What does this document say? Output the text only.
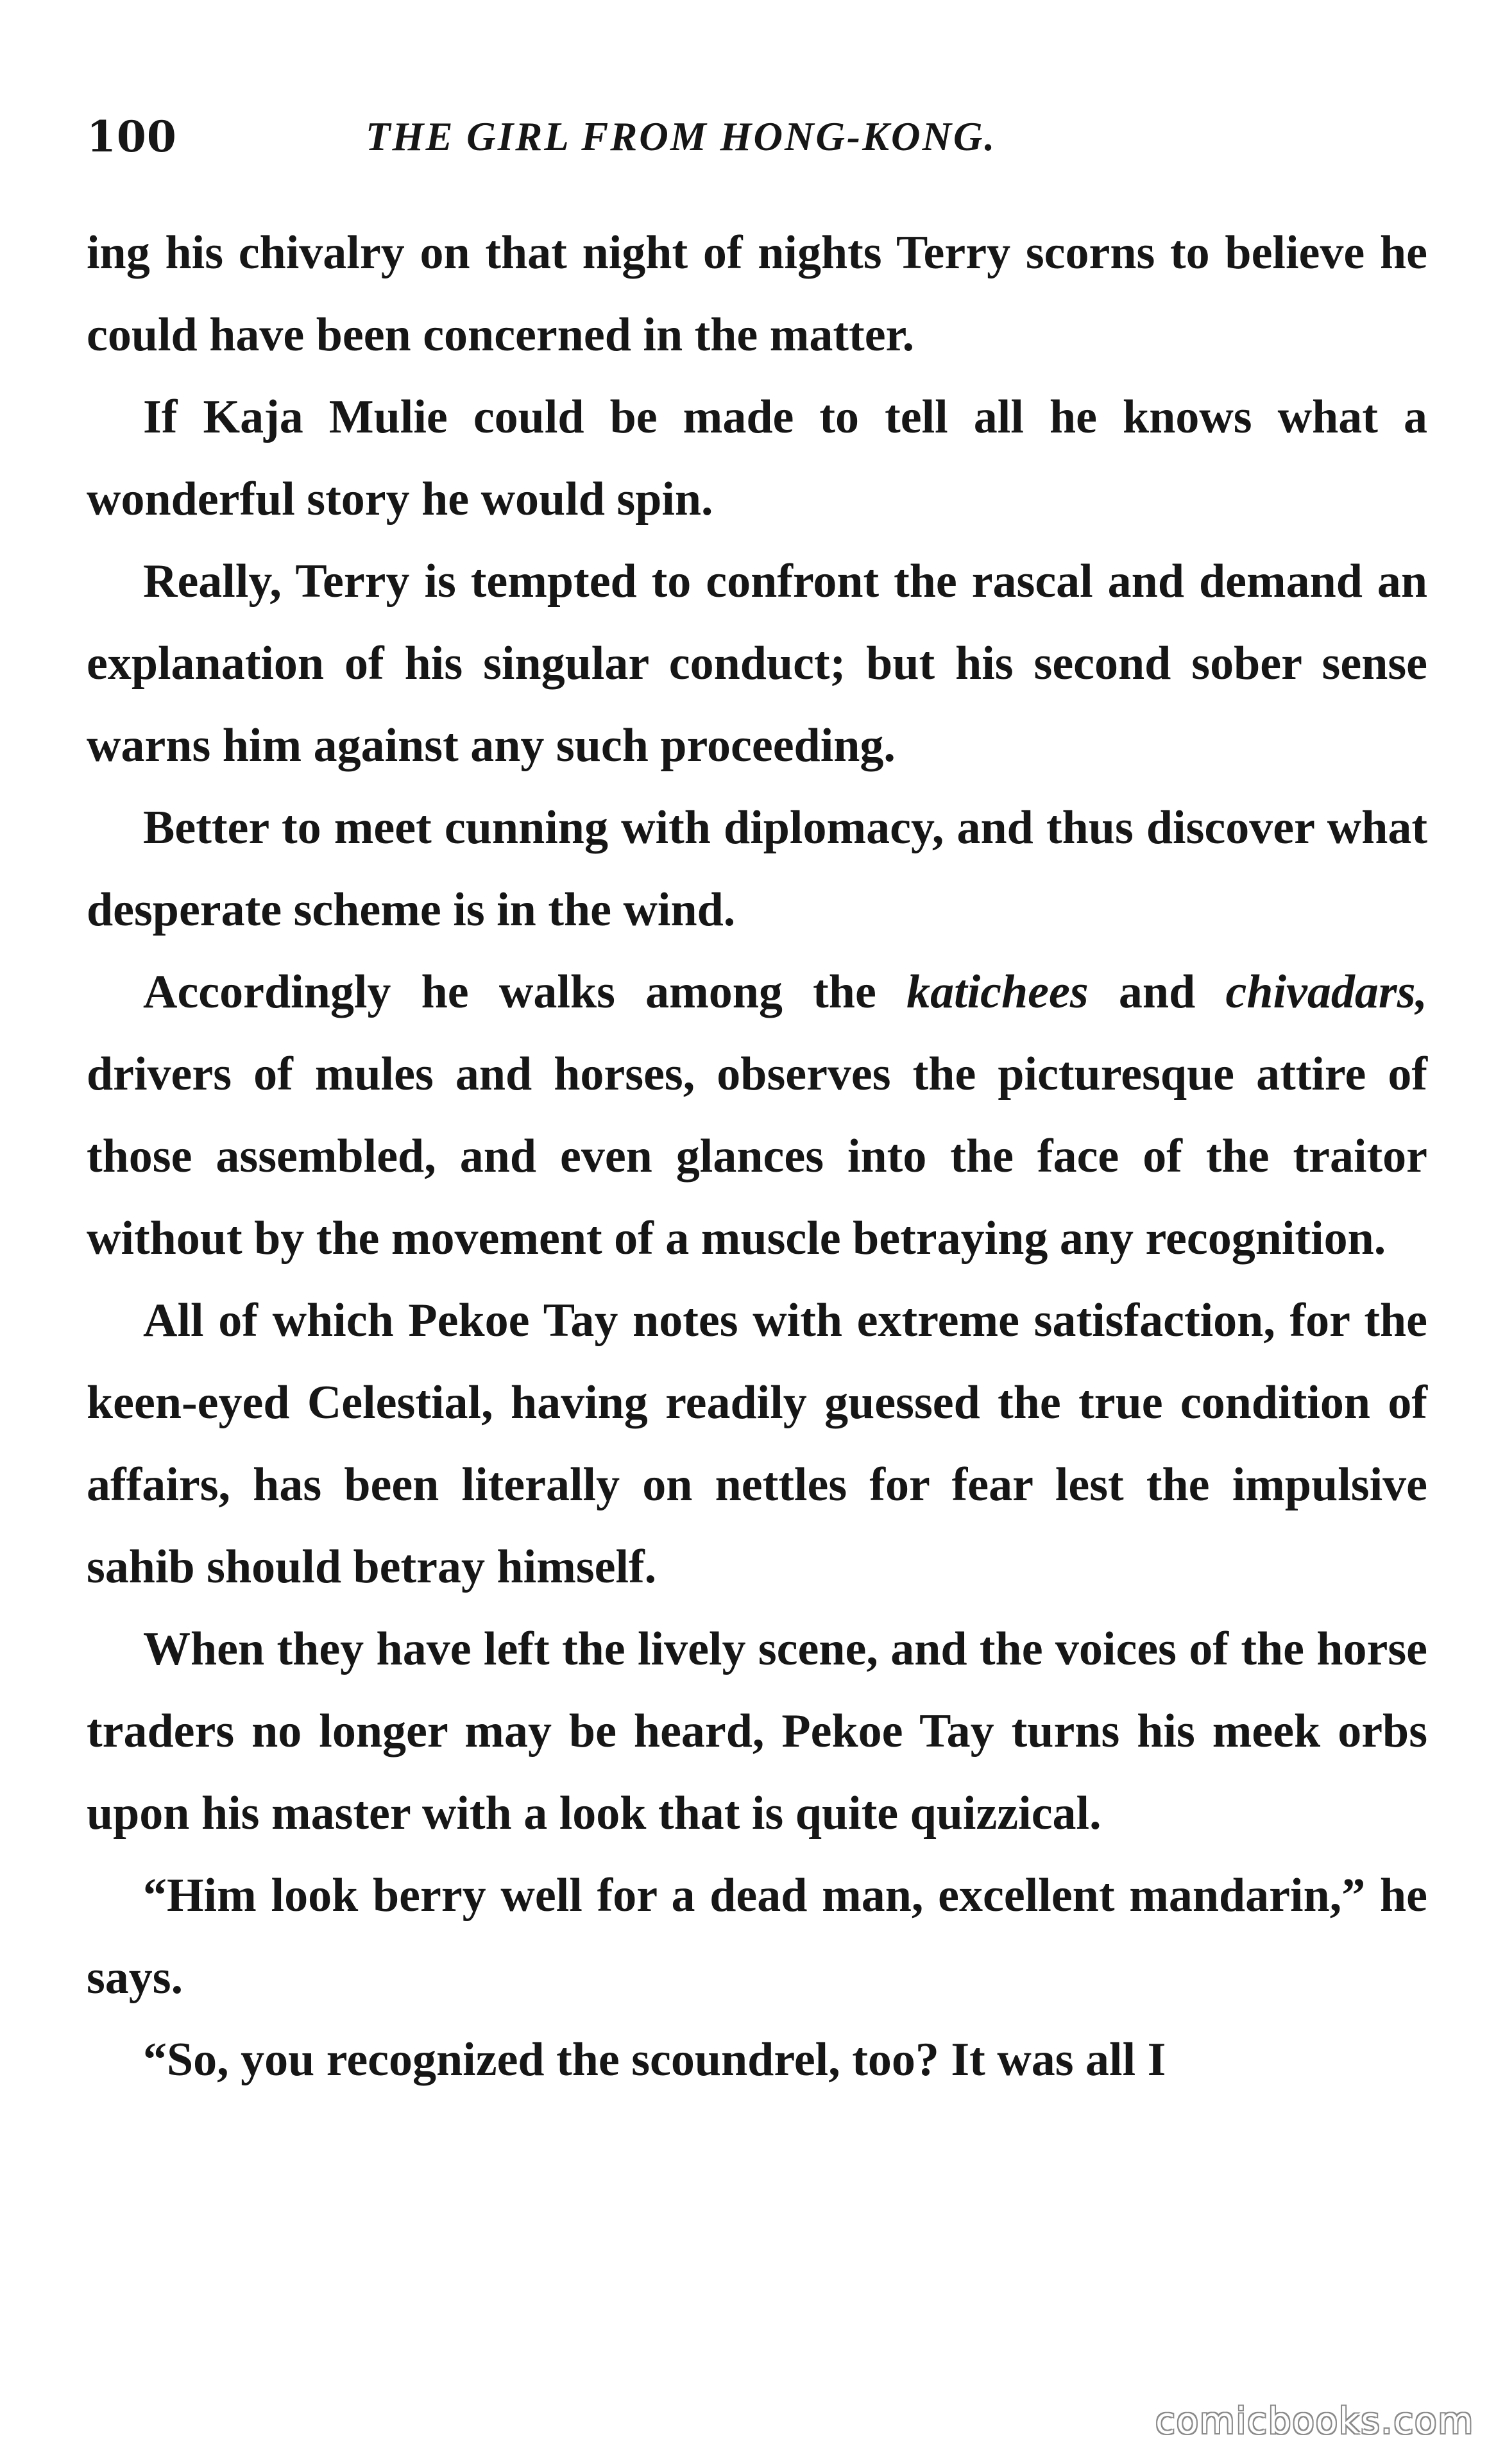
100	THE GIRL FROM HONG-KONG.

ing his chivalry on that night of nights Terry scorns to believe he could have been concerned in the matter.

If Kaja Mulie could be made to tell all he knows what a wonderful story he would spin.

Really, Terry is tempted to confront the rascal and demand an explanation of his singular conduct; but his second sober sense warns him against any such proceeding.

Better to meet cunning with diplomacy, and thus discover what desperate scheme is in the wind.

Accordingly he walks among the katichees and chivadars, drivers of mules and horses, observes the picturesque attire of those assembled, and even glances into the face of the traitor without by the movement of a muscle betraying any recognition.

All of which Pekoe Tay notes with extreme satisfaction, for the keen-eyed Celestial, having readily guessed the true condition of affairs, has been literally on nettles for fear lest the impulsive sahib should betray himself.

When they have left the lively scene, and the voices of the horse traders no longer may be heard, Pekoe Tay turns his meek orbs upon his master with a look that is quite quizzical.

“Him look berry well for a dead man, excellent mandarin,” he says.

“So, you recognized the scoundrel, too? It was all I

comicbooks.com
